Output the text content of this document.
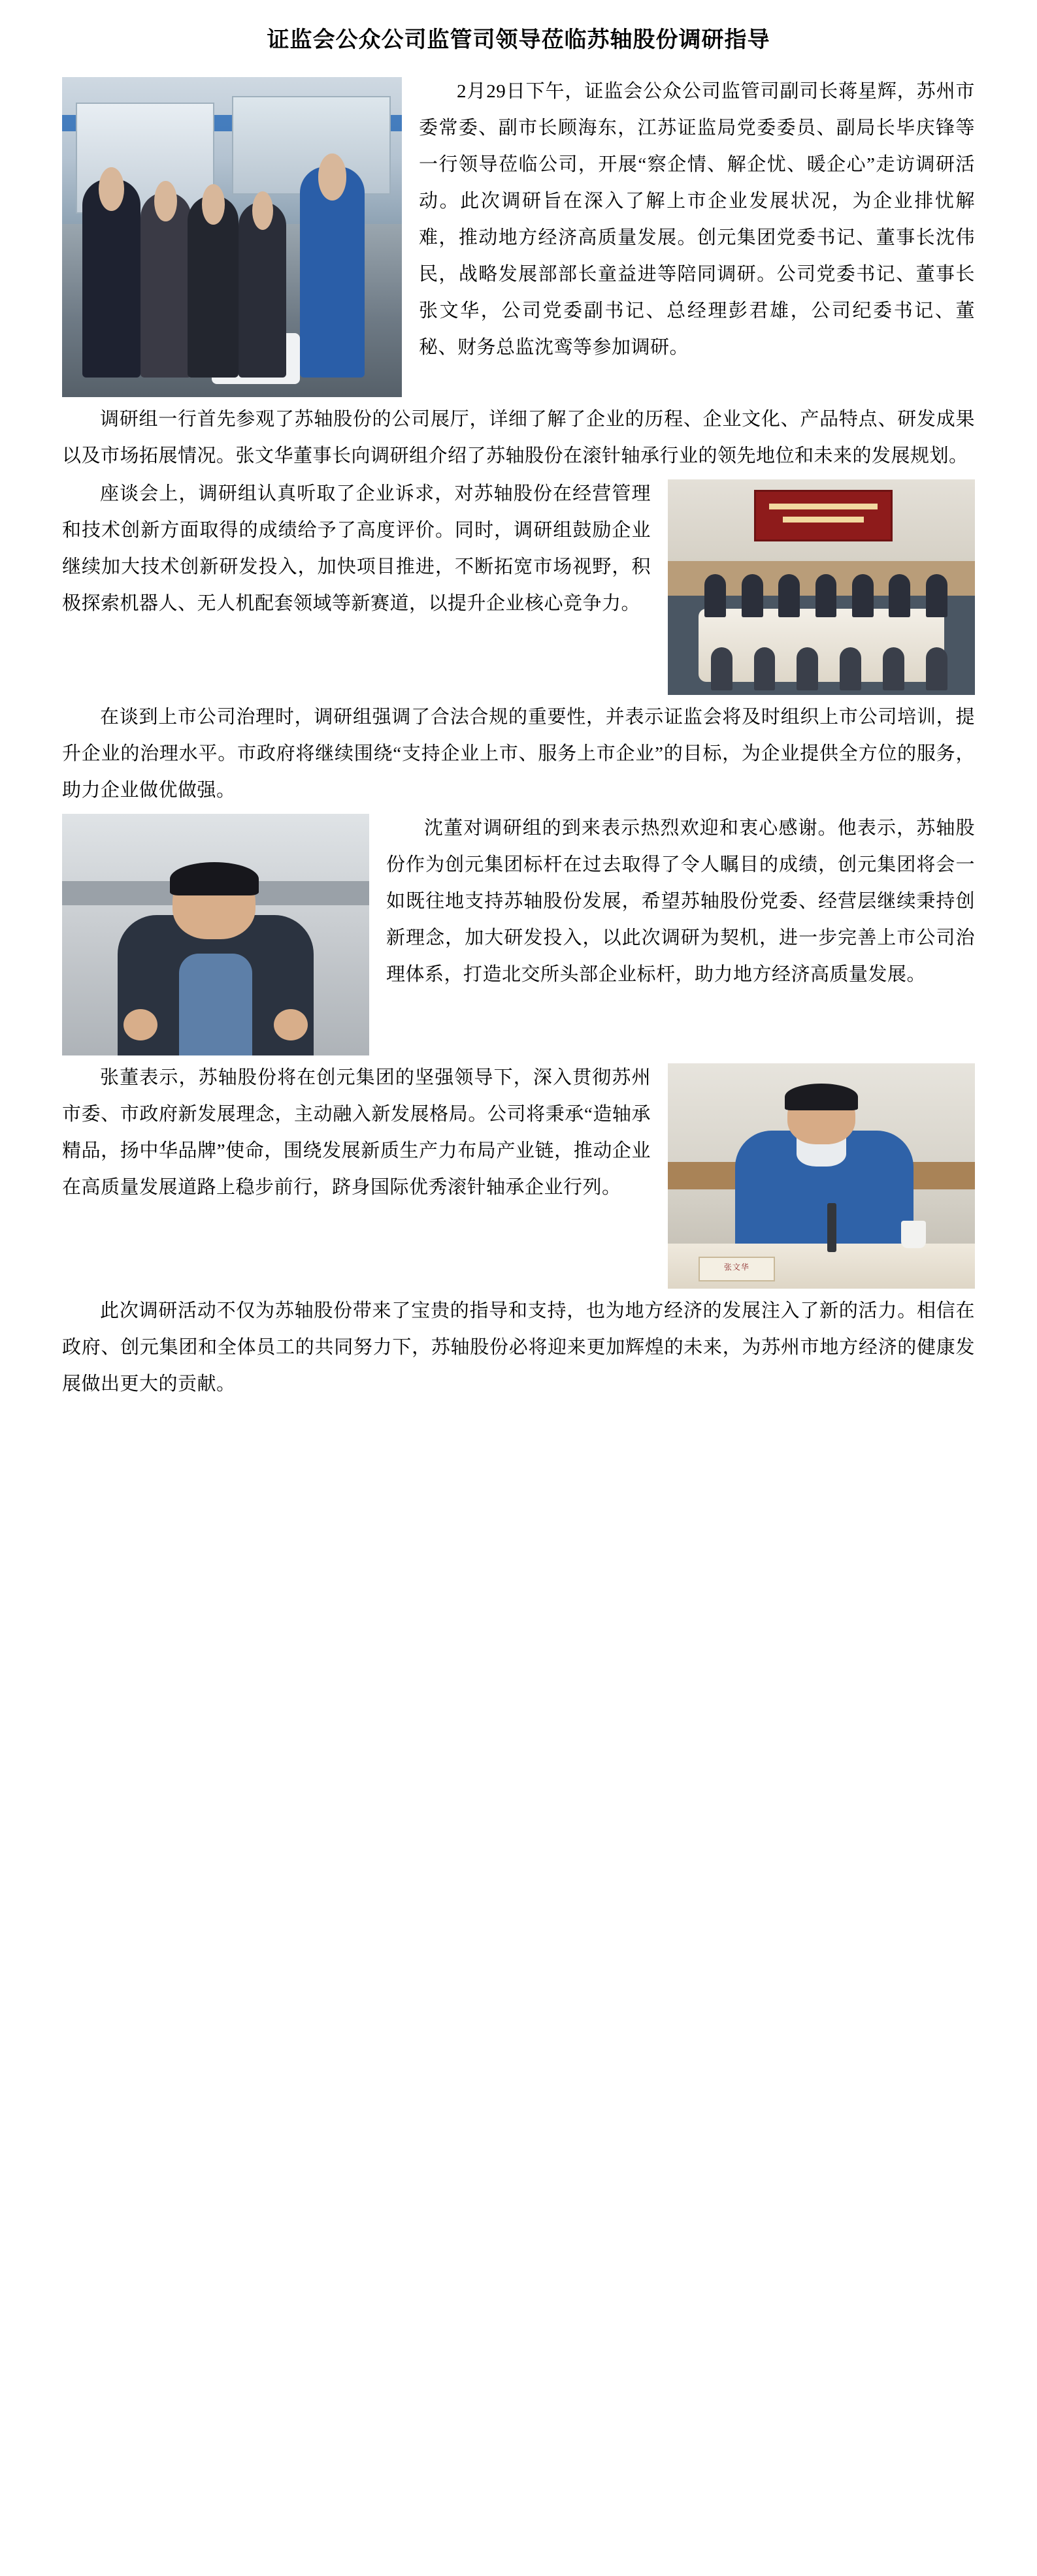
证监会公众公司监管司领导莅临苏轴股份调研指导

2月29日下午，证监会公众公司监管司副司长蒋星辉，苏州市委常委、副市长顾海东，江苏证监局党委委员、副局长毕庆锋等一行领导莅临公司，开展“察企情、解企忧、暖企心”走访调研活动。此次调研旨在深入了解上市企业发展状况，为企业排忧解难，推动地方经济高质量发展。创元集团党委书记、董事长沈伟民，战略发展部部长童益进等陪同调研。公司党委书记、董事长张文华，公司党委副书记、总经理彭君雄，公司纪委书记、董秘、财务总监沈鸾等参加调研。

调研组一行首先参观了苏轴股份的公司展厅，详细了解了企业的历程、企业文化、产品特点、研发成果以及市场拓展情况。张文华董事长向调研组介绍了苏轴股份在滚针轴承行业的领先地位和未来的发展规划。

座谈会上，调研组认真听取了企业诉求，对苏轴股份在经营管理和技术创新方面取得的成绩给予了高度评价。同时，调研组鼓励企业继续加大技术创新研发投入，加快项目推进，不断拓宽市场视野，积极探索机器人、无人机配套领域等新赛道，以提升企业核心竞争力。

在谈到上市公司治理时，调研组强调了合法合规的重要性，并表示证监会将及时组织上市公司培训，提升企业的治理水平。市政府将继续围绕“支持企业上市、服务上市企业”的目标，为企业提供全方位的服务，助力企业做优做强。

沈董对调研组的到来表示热烈欢迎和衷心感谢。他表示，苏轴股份作为创元集团标杆在过去取得了令人瞩目的成绩，创元集团将会一如既往地支持苏轴股份发展，希望苏轴股份党委、经营层继续秉持创新理念，加大研发投入，以此次调研为契机，进一步完善上市公司治理体系，打造北交所头部企业标杆，助力地方经济高质量发展。

张文华

张董表示，苏轴股份将在创元集团的坚强领导下，深入贯彻苏州市委、市政府新发展理念，主动融入新发展格局。公司将秉承“造轴承精品，扬中华品牌”使命，围绕发展新质生产力布局产业链，推动企业在高质量发展道路上稳步前行，跻身国际优秀滚针轴承企业行列。

此次调研活动不仅为苏轴股份带来了宝贵的指导和支持，也为地方经济的发展注入了新的活力。相信在政府、创元集团和全体员工的共同努力下，苏轴股份必将迎来更加辉煌的未来，为苏州市地方经济的健康发展做出更大的贡献。
